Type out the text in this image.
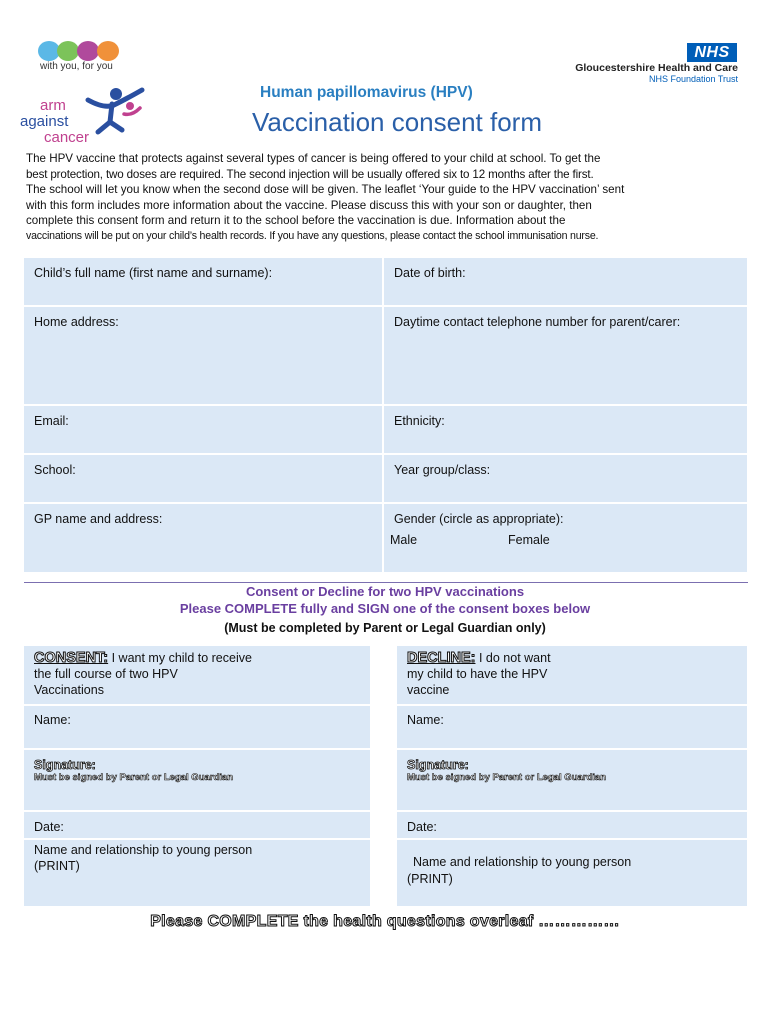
with you, for you
NHS
Gloucestershire Health and Care
NHS Foundation Trust
arm
against
cancer
Human papillomavirus (HPV)
Vaccination consent form
The HPV vaccine that protects against several types of cancer is being offered to your child at school. To get the
best protection, two doses are required. The second injection will be usually offered six to 12 months after the first.
The school will let you know when the second dose will be given. The leaflet ‘Your guide to the HPV vaccination’ sent
with this form includes more information about the vaccine. Please discuss this with your son or daughter, then
complete this consent form and return it to the school before the vaccination is due. Information about the
vaccinations will be put on your child’s health records. If you have any questions, please contact the school immunisation nurse.
Child’s full name (first name and surname):	Date of birth:
Home address:	Daytime contact telephone number for parent/carer:
Email:	Ethnicity:
School:	Year group/class:
GP name and address:	Gender (circle as appropriate):
Male	Female
Consent or Decline for two HPV vaccinations
Please COMPLETE fully and SIGN one of the consent boxes below
(Must be completed by Parent or Legal Guardian only)
CONSENT: I want my child to receive
the full course of two HPV
Vaccinations
Name:
Signature:
Must be signed by Parent or Legal Guardian
Date:
Name and relationship to young person
(PRINT)
DECLINE: I do not want
my child to have the HPV
vaccine
Name:
Signature:
Must be signed by Parent or Legal Guardian
Date:
Name and relationship to young person
(PRINT)
Please COMPLETE the health questions overleaf ……………
